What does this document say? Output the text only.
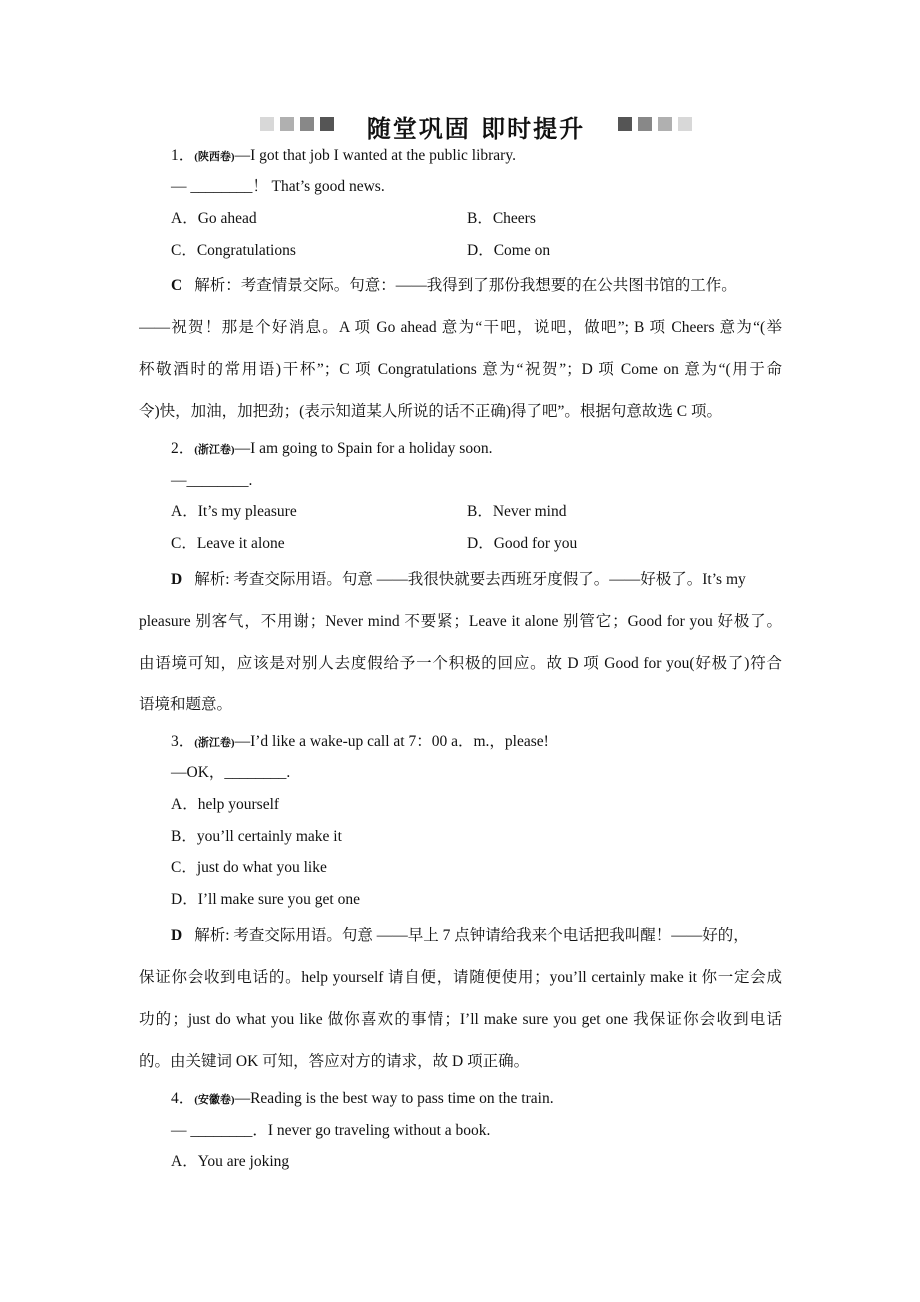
随堂巩固 即时提升
1．(陕西卷)—I got that job I wanted at the public library.
— ________！ That’s good news.
A．Go ahead	B．Cheers
C．Congratulations	D．Come on
C 解析：考查情景交际。句意：——我得到了那份我想要的在公共图书馆的工作。
——祝贺！那是个好消息。A 项 Go ahead 意为“干吧，说吧，做吧”; B 项 Cheers 意为“(举
杯敬酒时的常用语)干杯”；C 项 Congratulations 意为“祝贺”；D 项 Come on 意为“(用于命
令)快，加油，加把劲；(表示知道某人所说的话不正确)得了吧”。根据句意故选 C 项。
2．(浙江卷)—I am going to Spain for a holiday soon.
—________.
A．It’s my pleasure	B．Never mind
C．Leave it alone	D．Good for you
D 解析: 考查交际用语。句意 ——我很快就要去西班牙度假了。——好极了。It’s my
pleasure 别客气，不用谢；Never mind 不要紧；Leave it alone 别管它；Good for you 好极了。
由语境可知，应该是对别人去度假给予一个积极的回应。故 D 项 Good for you(好极了)符合
语境和题意。
3．(浙江卷)—I’d like a wake-up call at 7：00 a．m.，please!
—OK，________.
A．help yourself
B．you’ll certainly make it
C．just do what you like
D．I’ll make sure you get one
D 解析: 考查交际用语。句意 ——早上 7 点钟请给我来个电话把我叫醒！——好的，
保证你会收到电话的。help yourself 请自便，请随便使用；you’ll certainly make it 你一定会成
功的；just do what you like 做你喜欢的事情；I’ll make sure you get one 我保证你会收到电话
的。由关键词 OK 可知，答应对方的请求，故 D 项正确。
4．(安徽卷)—Reading is the best way to pass time on the train.
— ________．I never go traveling without a book.
A．You are joking
